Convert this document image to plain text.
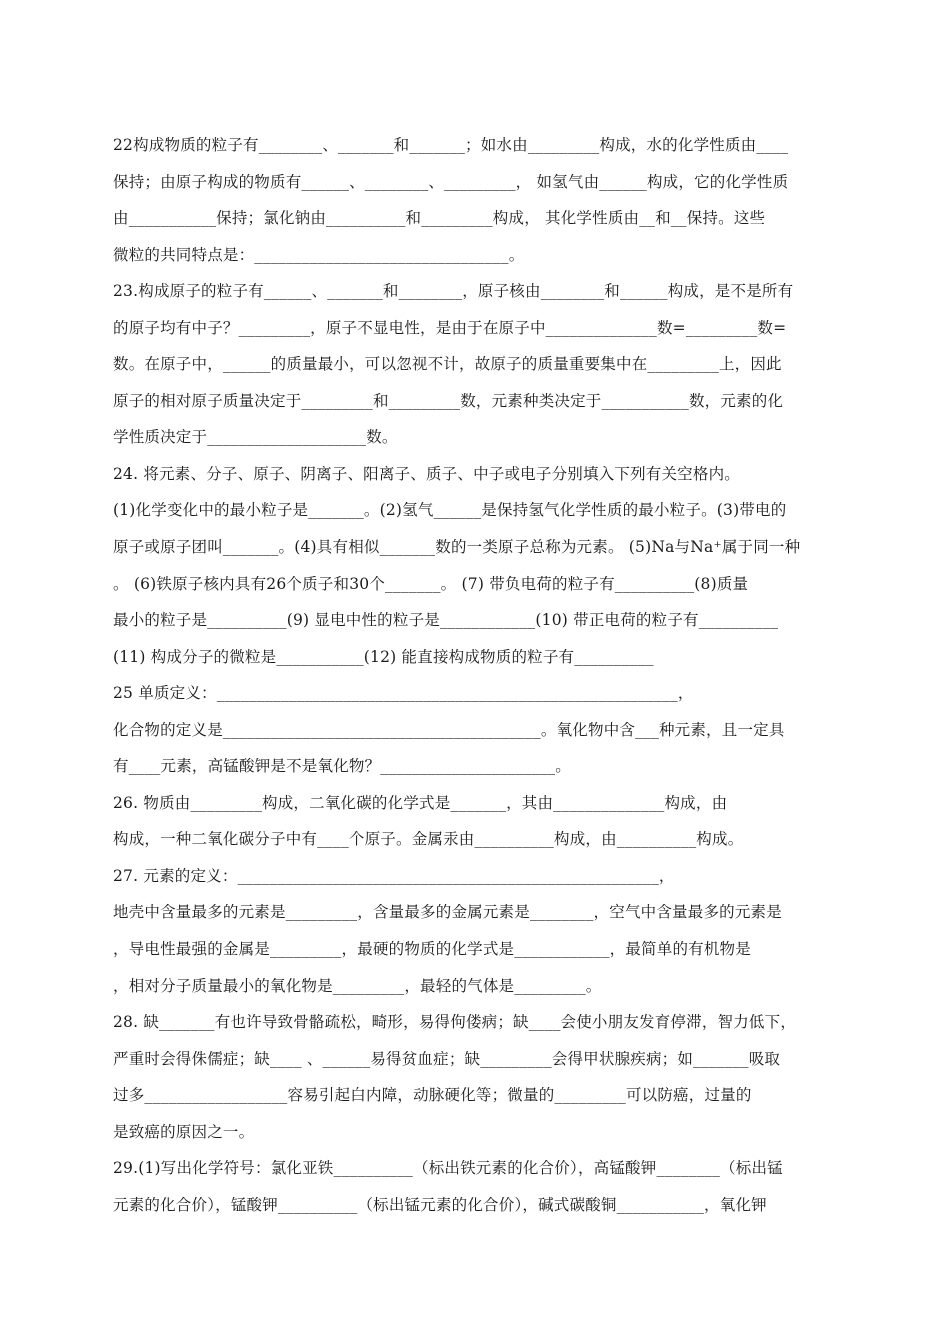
22构成物质的粒子有________、_______和_______；如水由_________构成，水的化学性质由____
保持；由原子构成的物质有______、________、_________， 如氢气由______构成，它的化学性质
由___________保持；氯化钠由__________和_________构成， 其化学性质由__和__保持。这些
微粒的共同特点是：________________________________。
23.构成原子的粒子有______、_______和________，原子核由________和______构成，是不是所有
的原子均有中子？_________，原子不显电性，是由于在原子中______________数=_________数=
数。在原子中，______的质量最小，可以忽视不计，故原子的质量重要集中在_________上，因此
原子的相对原子质量决定于_________和_________数，元素种类决定于___________数，元素的化
学性质决定于____________________数。
24. 将元素、分子、原子、阴离子、阳离子、质子、中子或电子分别填入下列有关空格内。
(1)化学变化中的最小粒子是_______。(2)氢气______是保持氢气化学性质的最小粒子。(3)带电的
原子或原子团叫_______。(4)具有相似_______数的一类原子总称为元素。 (5)Na与Na⁺属于同一种
。 (6)铁原子核内具有26个质子和30个_______。 (7) 带负电荷的粒子有__________(8)质量
最小的粒子是__________(9) 显电中性的粒子是____________(10) 带正电荷的粒子有__________
(11) 构成分子的微粒是___________(12) 能直接构成物质的粒子有__________
25 单质定义：__________________________________________________________，
化合物的定义是________________________________________。氧化物中含___种元素，且一定具
有____元素，高锰酸钾是不是氧化物？______________________。
26. 物质由_________构成，二氧化碳的化学式是_______，其由______________构成，由
构成，一种二氧化碳分子中有____个原子。金属汞由__________构成，由__________构成。
27. 元素的定义：_____________________________________________________，
地壳中含量最多的元素是_________，含量最多的金属元素是________，空气中含量最多的元素是
，导电性最强的金属是_________，最硬的物质的化学式是____________，最简单的有机物是
，相对分子质量最小的氧化物是_________，最轻的气体是_________。
28. 缺_______有也许导致骨骼疏松，畸形，易得佝偻病；缺____会使小朋友发育停滞，智力低下，
严重时会得侏儒症；缺____ 、______易得贫血症；缺_________会得甲状腺疾病；如_______吸取
过多__________________容易引起白内障，动脉硬化等；微量的_________可以防癌，过量的
是致癌的原因之一。
29.(1)写出化学符号：氯化亚铁__________（标出铁元素的化合价），高锰酸钾________（标出锰
元素的化合价），锰酸钾__________（标出锰元素的化合价），碱式碳酸铜___________，氧化钾
